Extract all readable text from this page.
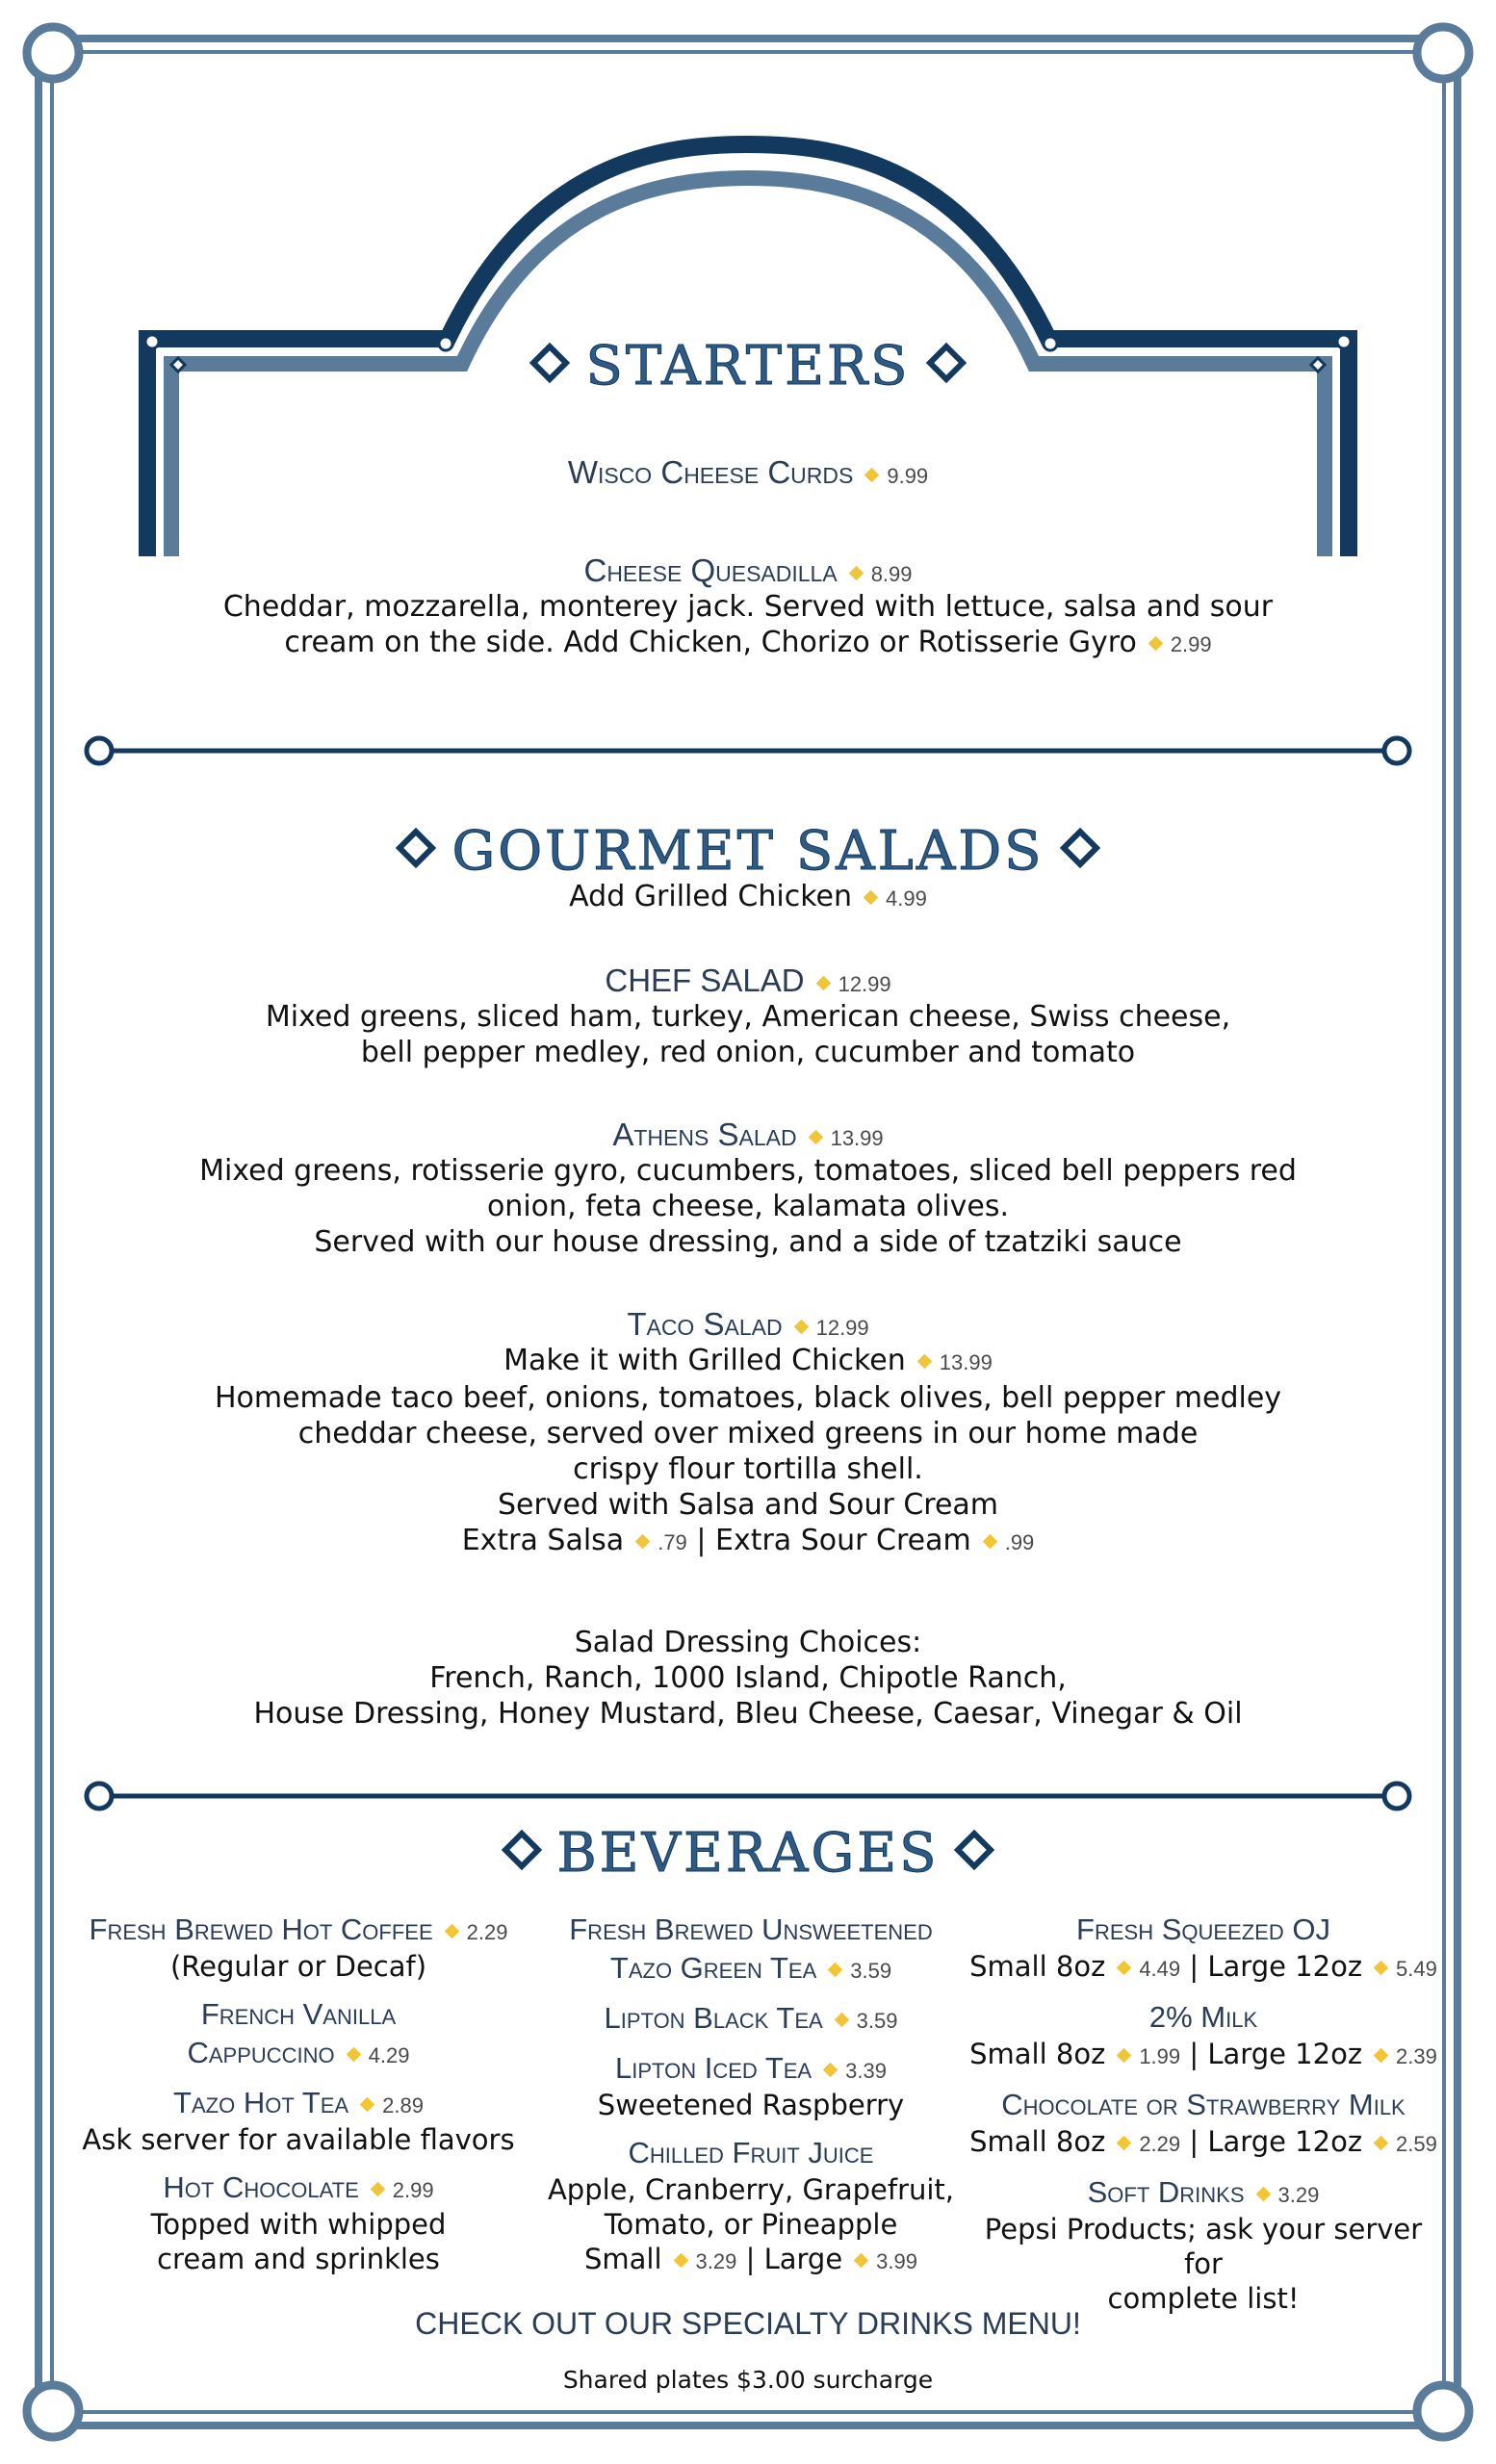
STARTERS
Wisco Cheese Curds 9.99
Cheese Quesadilla 8.99
Cheddar, mozzarella, monterey jack. Served with lettuce, salsa and sour
cream on the side. Add Chicken, Chorizo or Rotisserie Gyro 2.99
GOURMET SALADS
Add Grilled Chicken 4.99
CHEF SALAD 12.99
Mixed greens, sliced ham, turkey, American cheese, Swiss cheese,
bell pepper medley, red onion, cucumber and tomato
Athens Salad 13.99
Mixed greens, rotisserie gyro, cucumbers, tomatoes, sliced bell peppers red
onion, feta cheese, kalamata olives.
Served with our house dressing, and a side of tzatziki sauce
Taco Salad 12.99
Make it with Grilled Chicken 13.99
Homemade taco beef, onions, tomatoes, black olives, bell pepper medley
cheddar cheese, served over mixed greens in our home made
crispy flour tortilla shell.
Served with Salsa and Sour Cream
Extra Salsa .79 | Extra Sour Cream .99
Salad Dressing Choices:
French, Ranch, 1000 Island, Chipotle Ranch,
House Dressing, Honey Mustard, Bleu Cheese, Caesar, Vinegar & Oil
BEVERAGES
Fresh Brewed Hot Coffee 2.29
(Regular or Decaf)
French Vanilla
Cappuccino 4.29
Tazo Hot Tea 2.89
Ask server for available flavors
Hot Chocolate 2.99
Topped with whipped
cream and sprinkles
Fresh Brewed Unsweetened
Tazo Green Tea 3.59
Lipton Black Tea 3.59
Lipton Iced Tea 3.39
Sweetened Raspberry
Chilled Fruit Juice
Apple, Cranberry, Grapefruit,
Tomato, or Pineapple
Small 3.29 | Large 3.99
Fresh Squeezed OJ
Small 8oz 4.49 | Large 12oz 5.49
2% Milk
Small 8oz 1.99 | Large 12oz 2.39
Chocolate or Strawberry Milk
Small 8oz 2.29 | Large 12oz 2.59
Soft Drinks 3.29
Pepsi Products; ask your server for
complete list!
CHECK OUT OUR SPECIALTY DRINKS MENU!
Shared plates $3.00 surcharge
